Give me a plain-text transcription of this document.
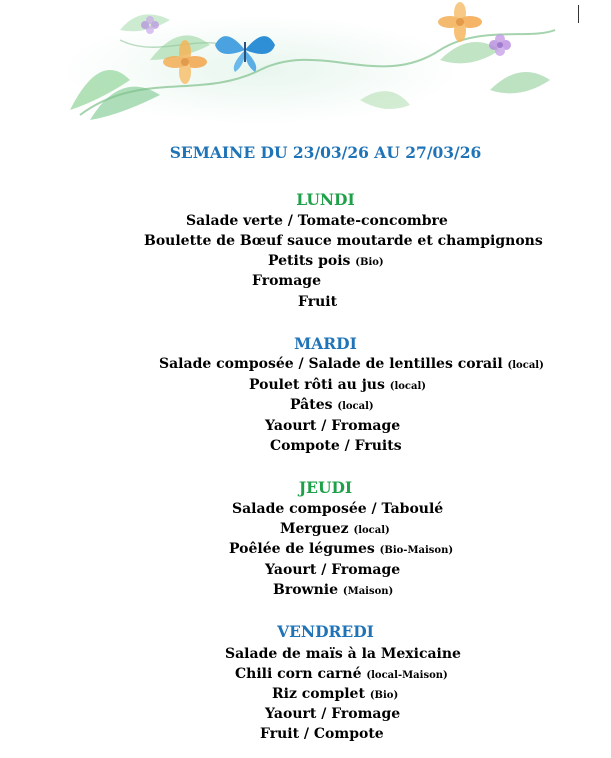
SEMAINE DU 23/03/26 AU 27/03/26
LUNDI
Salade verte / Tomate-concombre
Boulette de Bœuf sauce moutarde et champignons
Petits pois (Bio)
Fromage
Fruit
MARDI
Salade composée / Salade de lentilles corail (local)
Poulet rôti au jus (local)
Pâtes (local)
Yaourt / Fromage
Compote / Fruits
JEUDI
Salade composée / Taboulé
Merguez (local)
Poêlée de légumes (Bio-Maison)
Yaourt / Fromage
Brownie (Maison)
VENDREDI
Salade de maïs à la Mexicaine
Chili corn carné (local-Maison)
Riz complet (Bio)
Yaourt / Fromage
Fruit / Compote
